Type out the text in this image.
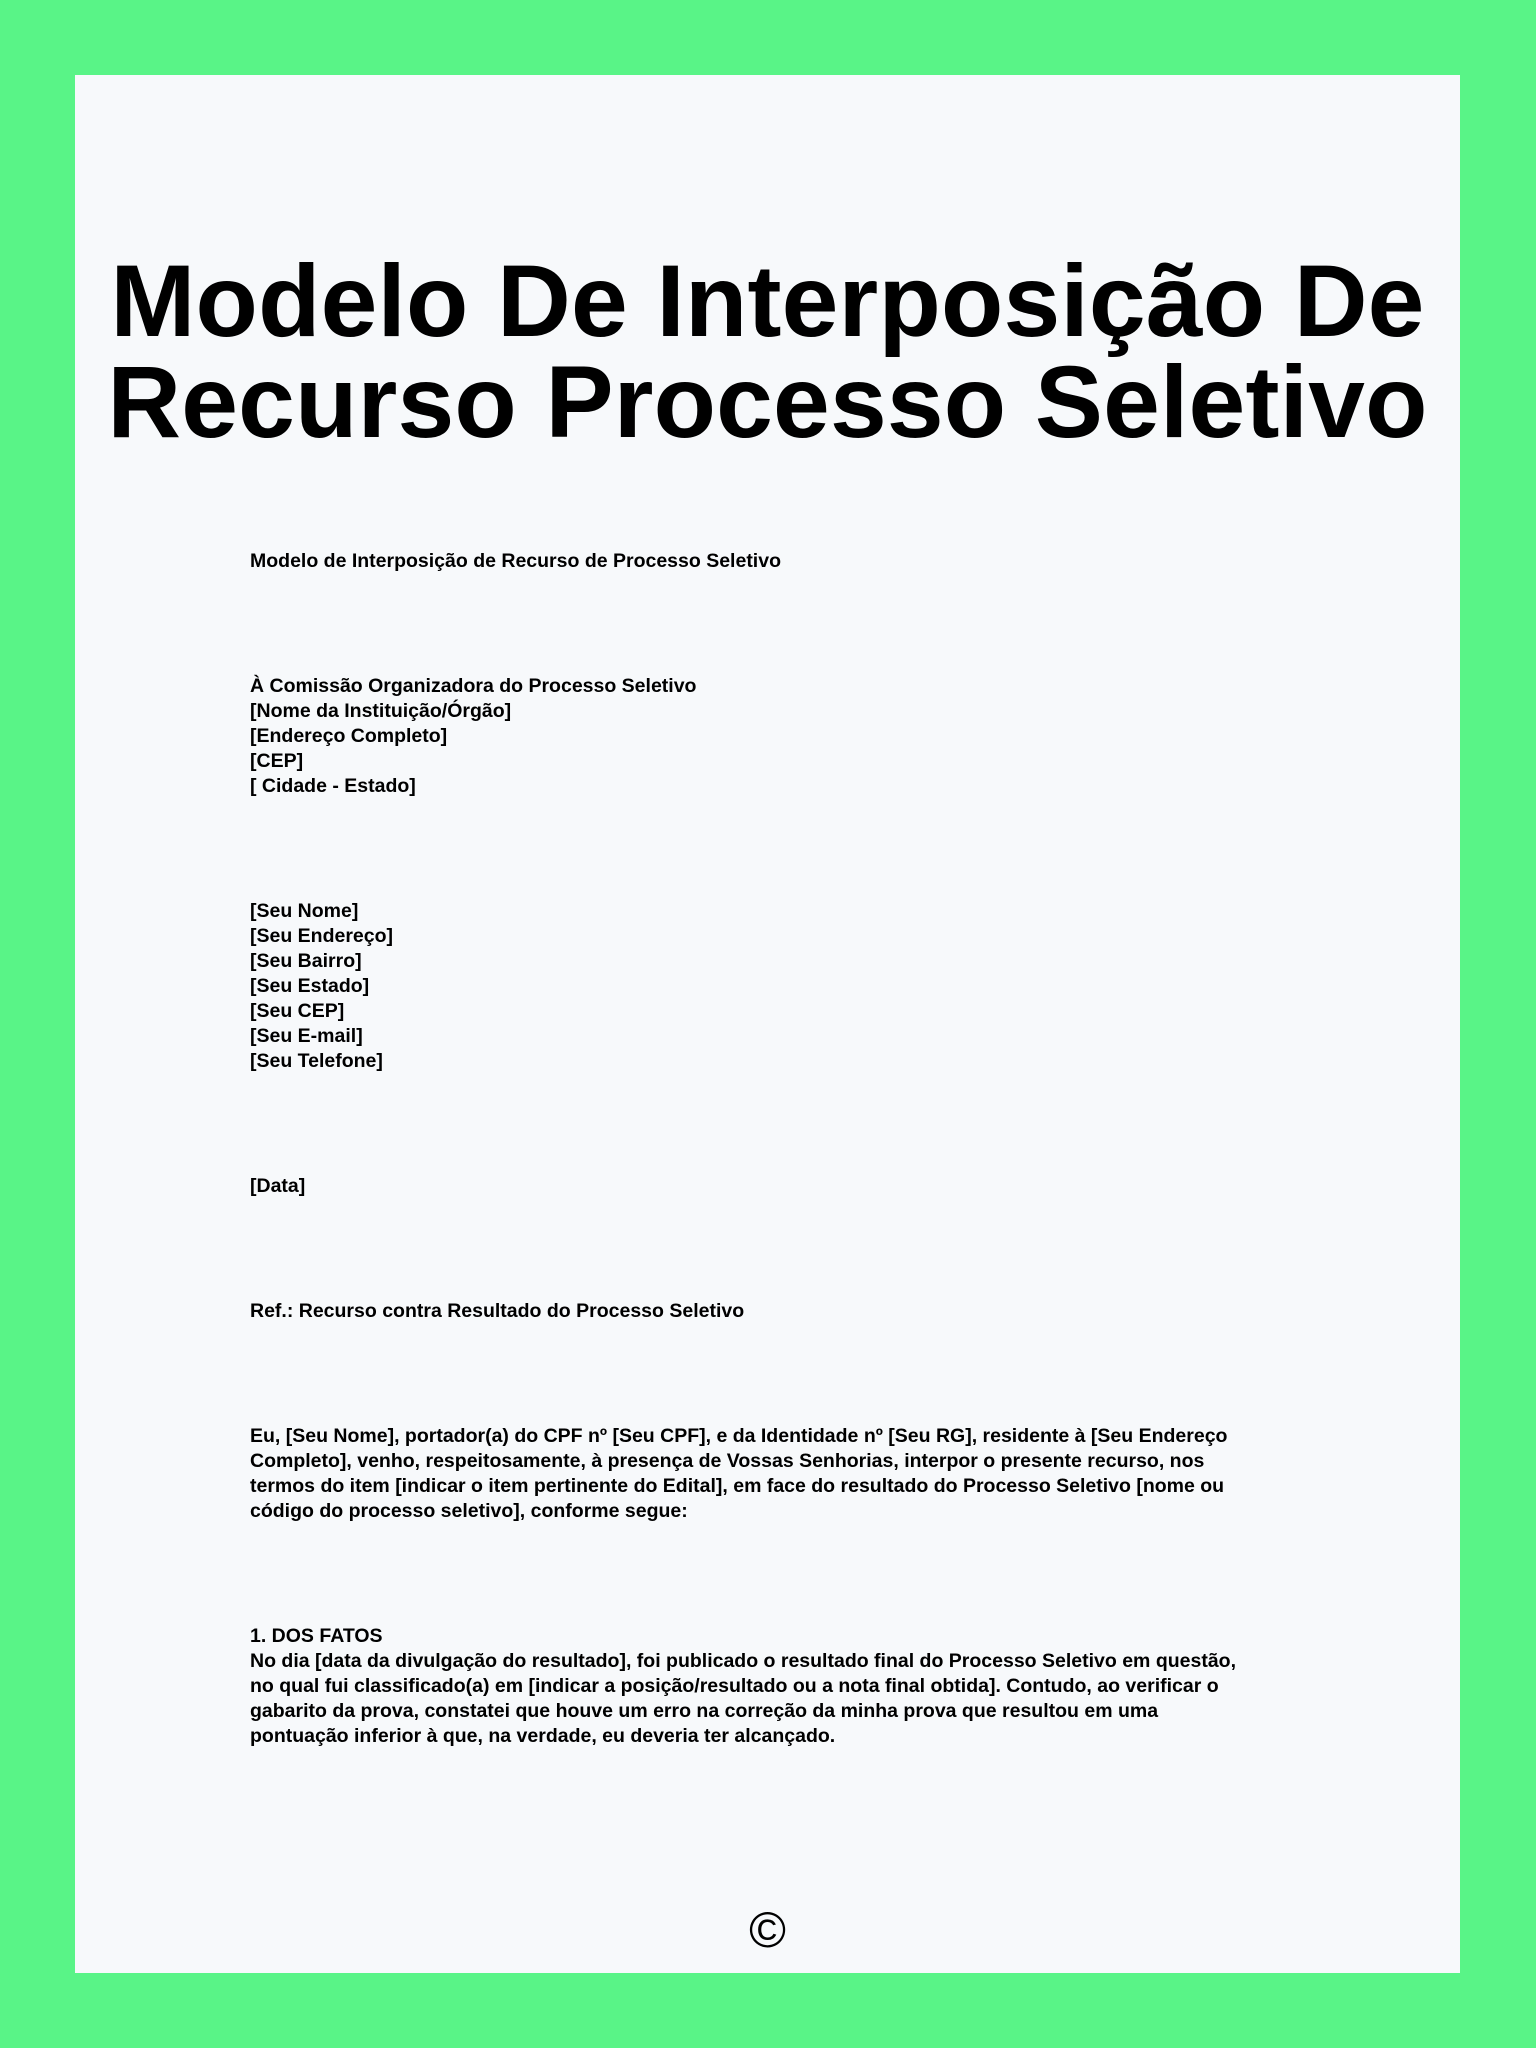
Modelo De Interposição De
Recurso Processo Seletivo
Modelo de Interposição de Recurso de Processo Seletivo
À Comissão Organizadora do Processo Seletivo
[Nome da Instituição/Órgão]
[Endereço Completo]
[CEP]
[ Cidade - Estado]
[Seu Nome]
[Seu Endereço]
[Seu Bairro]
[Seu Estado]
[Seu CEP]
[Seu E-mail]
[Seu Telefone]
[Data]
Ref.: Recurso contra Resultado do Processo Seletivo
Eu, [Seu Nome], portador(a) do CPF nº [Seu CPF], e da Identidade nº [Seu RG], residente à [Seu Endereço
Completo], venho, respeitosamente, à presença de Vossas Senhorias, interpor o presente recurso, nos
termos do item [indicar o item pertinente do Edital], em face do resultado do Processo Seletivo [nome ou
código do processo seletivo], conforme segue:
1. DOS FATOS
No dia [data da divulgação do resultado], foi publicado o resultado final do Processo Seletivo em questão,
no qual fui classificado(a) em [indicar a posição/resultado ou a nota final obtida]. Contudo, ao verificar o
gabarito da prova, constatei que houve um erro na correção da minha prova que resultou em uma
pontuação inferior à que, na verdade, eu deveria ter alcançado.
©
